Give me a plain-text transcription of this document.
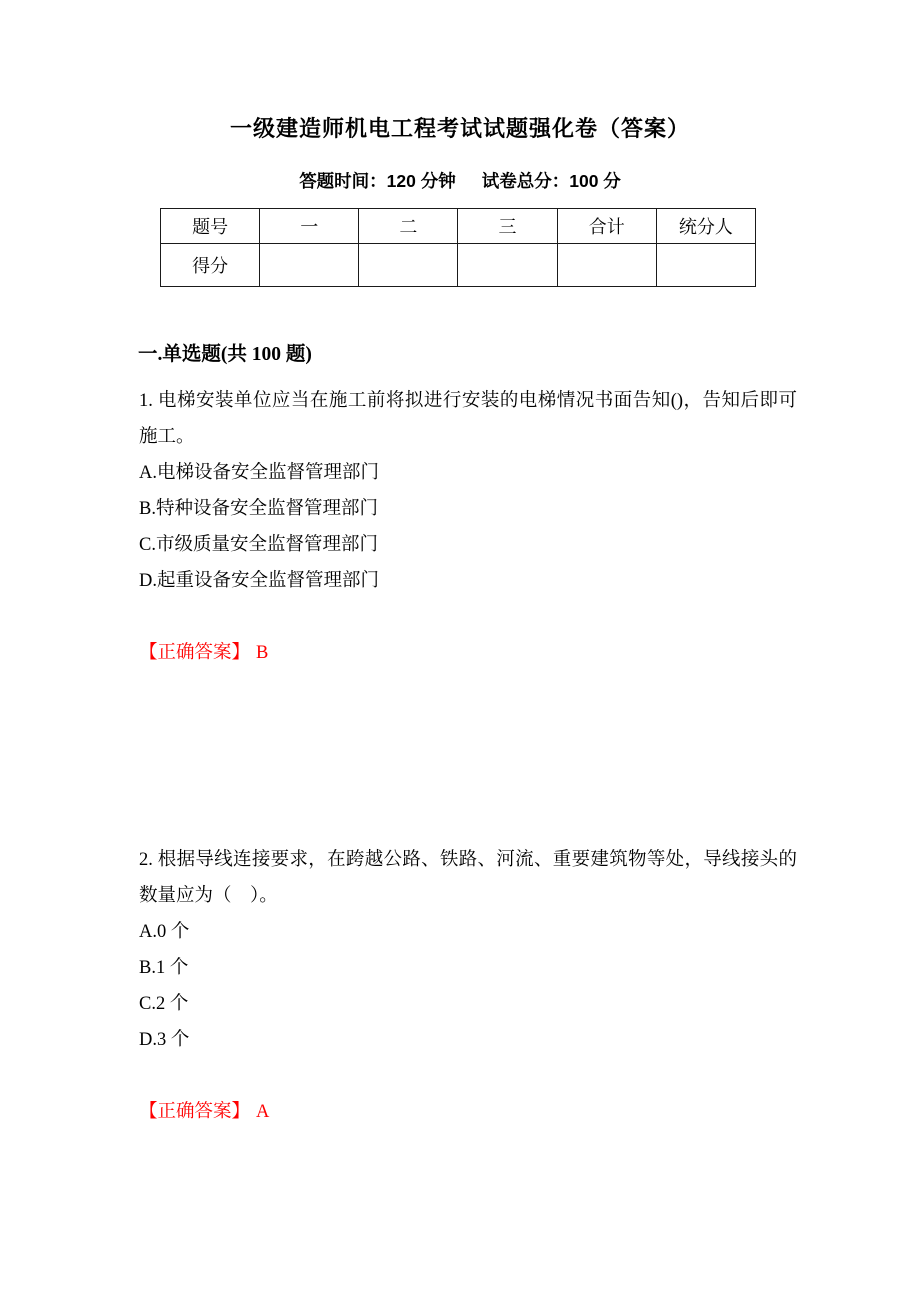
一级建造师机电工程考试试题强化卷（答案）
答题时间：120 分钟 试卷总分：100 分
题号	一	二	三	合计	统分人
得分					
一.单选题(共 100 题)
1. 电梯安装单位应当在施工前将拟进行安装的电梯情况书面告知()，告知后即可施工。
A.电梯设备安全监督管理部门
B.特种设备安全监督管理部门
C.市级质量安全监督管理部门
D.起重设备安全监督管理部门
【正确答案】 B
2. 根据导线连接要求，在跨越公路、铁路、河流、重要建筑物等处，导线接头的数量应为（　）。
A.0 个
B.1 个
C.2 个
D.3 个
【正确答案】 A
